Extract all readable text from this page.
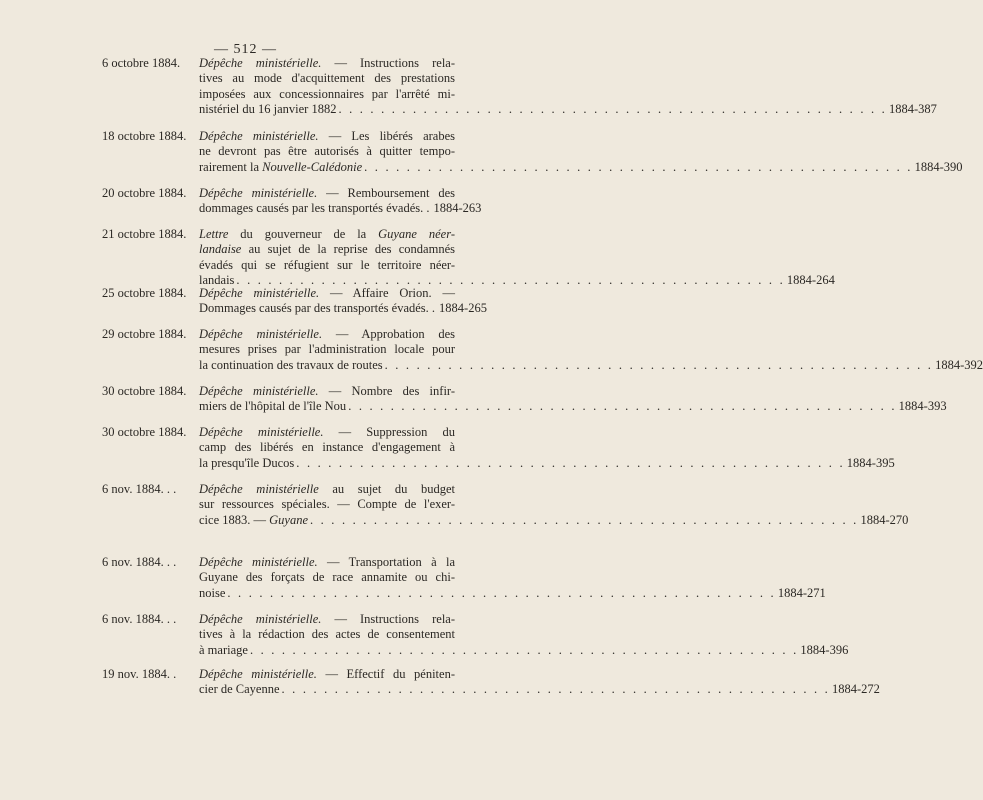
— 512 —
6 octobre 1884.	Dépêche ministérielle. — Instructions rela-
tives au mode d'acquittement des prestations
imposées aux concessionnaires par l'arrêté mi-
nistériel du 16 janvier 1882 . . . . . . . . . . . . . . . . . . . . . . . . . . . . . . . . . . . . . . . . . . . . . . . . . . . . 1884-387
18 octobre 1884.	Dépêche ministérielle. — Les libérés arabes
ne devront pas être autorisés à quitter tempo-
rairement la Nouvelle-Calédonie . . . . . . . . . . . . . . . . . . . . . . . . . . . . . . . . . . . . . . . . . . . . . . . . . . . . 1884-390
20 octobre 1884.	Dépêche ministérielle. — Remboursement des
dommages causés par les transportés évadés. . 1884-263
21 octobre 1884.	Lettre du gouverneur de la Guyane néer-
landaise au sujet de la reprise des condamnés
évadés qui se réfugient sur le territoire néer-
landais . . . . . . . . . . . . . . . . . . . . . . . . . . . . . . . . . . . . . . . . . . . . . . . . . . . . 1884-264
25 octobre 1884.	Dépêche ministérielle. — Affaire Orion. —
Dommages causés par des transportés évadés. . 1884-265
29 octobre 1884.	Dépêche ministérielle. — Approbation des
mesures prises par l'administration locale pour
la continuation des travaux de routes . . . . . . . . . . . . . . . . . . . . . . . . . . . . . . . . . . . . . . . . . . . . . . . . . . . . 1884-392
30 octobre 1884.	Dépêche ministérielle. — Nombre des infir-
miers de l'hôpital de l'île Nou . . . . . . . . . . . . . . . . . . . . . . . . . . . . . . . . . . . . . . . . . . . . . . . . . . . . 1884-393
30 octobre 1884.	Dépêche ministérielle. — Suppression du
camp des libérés en instance d'engagement à
la presqu'île Ducos . . . . . . . . . . . . . . . . . . . . . . . . . . . . . . . . . . . . . . . . . . . . . . . . . . . . 1884-395
6 nov. 1884. . .	Dépêche ministérielle au sujet du budget
sur ressources spéciales. — Compte de l'exer-
cice 1883. — Guyane . . . . . . . . . . . . . . . . . . . . . . . . . . . . . . . . . . . . . . . . . . . . . . . . . . . . 1884-270
6 nov. 1884. . .	Dépêche ministérielle. — Transportation à la
Guyane des forçats de race annamite ou chi-
noise . . . . . . . . . . . . . . . . . . . . . . . . . . . . . . . . . . . . . . . . . . . . . . . . . . . . 1884-271
6 nov. 1884. . .	Dépêche ministérielle. — Instructions rela-
tives à la rédaction des actes de consentement
à mariage . . . . . . . . . . . . . . . . . . . . . . . . . . . . . . . . . . . . . . . . . . . . . . . . . . . . 1884-396
19 nov. 1884. .	Dépêche ministérielle. — Effectif du péniten-
cier de Cayenne . . . . . . . . . . . . . . . . . . . . . . . . . . . . . . . . . . . . . . . . . . . . . . . . . . . . 1884-272
